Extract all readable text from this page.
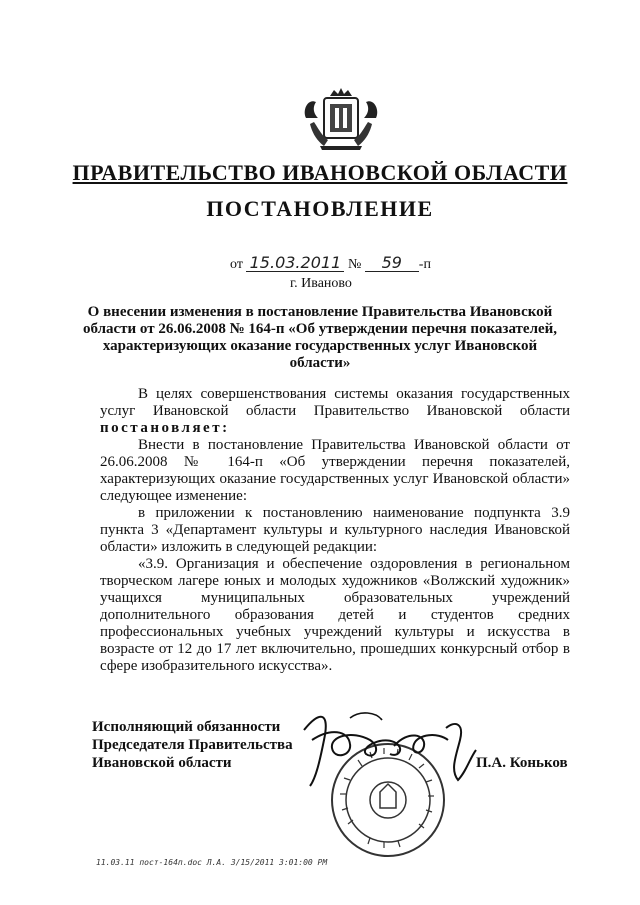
ПРАВИТЕЛЬСТВО ИВАНОВСКОЙ ОБЛАСТИ
ПОСТАНОВЛЕНИЕ
от 15.03.2011 № 59 -п
г. Иваново
О внесении изменения в постановление Правительства Ивановской области от 26.06.2008 № 164-п «Об утверждении перечня показателей, характеризующих оказание государственных услуг Ивановской области»
В целях совершенствования системы оказания государственных услуг Ивановской области Правительство Ивановской области постановляет:
Внести в постановление Правительства Ивановской области от 26.06.2008 № 164-п «Об утверждении перечня показателей, характеризующих оказание государственных услуг Ивановской области» следующее изменение:
в приложении к постановлению наименование подпункта 3.9 пункта 3 «Департамент культуры и культурного наследия Ивановской области» изложить в следующей редакции:
«3.9. Организация и обеспечение оздоровления в региональном творческом лагере юных и молодых художников «Волжский художник» учащихся муниципальных образовательных учреждений дополнительного образования детей и студентов средних профессиональных учебных учреждений культуры и искусства в возрасте от 12 до 17 лет включительно, прошедших конкурсный отбор в сфере изобразительного искусства».
Исполняющий обязанности
Председателя Правительства
Ивановской области	П.А. Коньков
11.03.11 пост-164п.doc Л.А. 3/15/2011 3:01:00 PM
